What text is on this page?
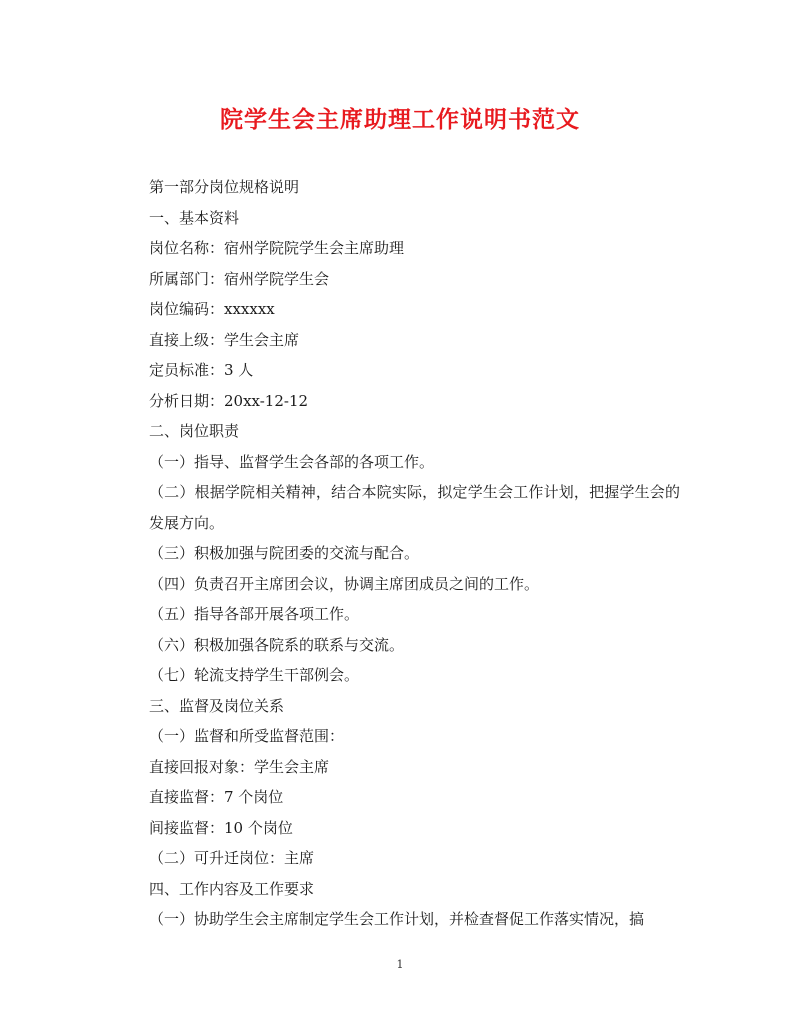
院学生会主席助理工作说明书范文
第一部分岗位规格说明
一、基本资料
岗位名称：宿州学院院学生会主席助理
所属部门：宿州学院学生会
岗位编码：xxxxxx
直接上级：学生会主席
定员标准：3 人
分析日期：20xx-12-12
二、岗位职责
（一）指导、监督学生会各部的各项工作。
（二）根据学院相关精神，结合本院实际，拟定学生会工作计划，把握学生会的发展方向。
（三）积极加强与院团委的交流与配合。
（四）负责召开主席团会议，协调主席团成员之间的工作。
（五）指导各部开展各项工作。
（六）积极加强各院系的联系与交流。
（七）轮流支持学生干部例会。
三、监督及岗位关系
（一）监督和所受监督范围：
直接回报对象：学生会主席
直接监督：7 个岗位
间接监督：10 个岗位
（二）可升迁岗位：主席
四、工作内容及工作要求
（一）协助学生会主席制定学生会工作计划，并检查督促工作落实情况，搞
1
